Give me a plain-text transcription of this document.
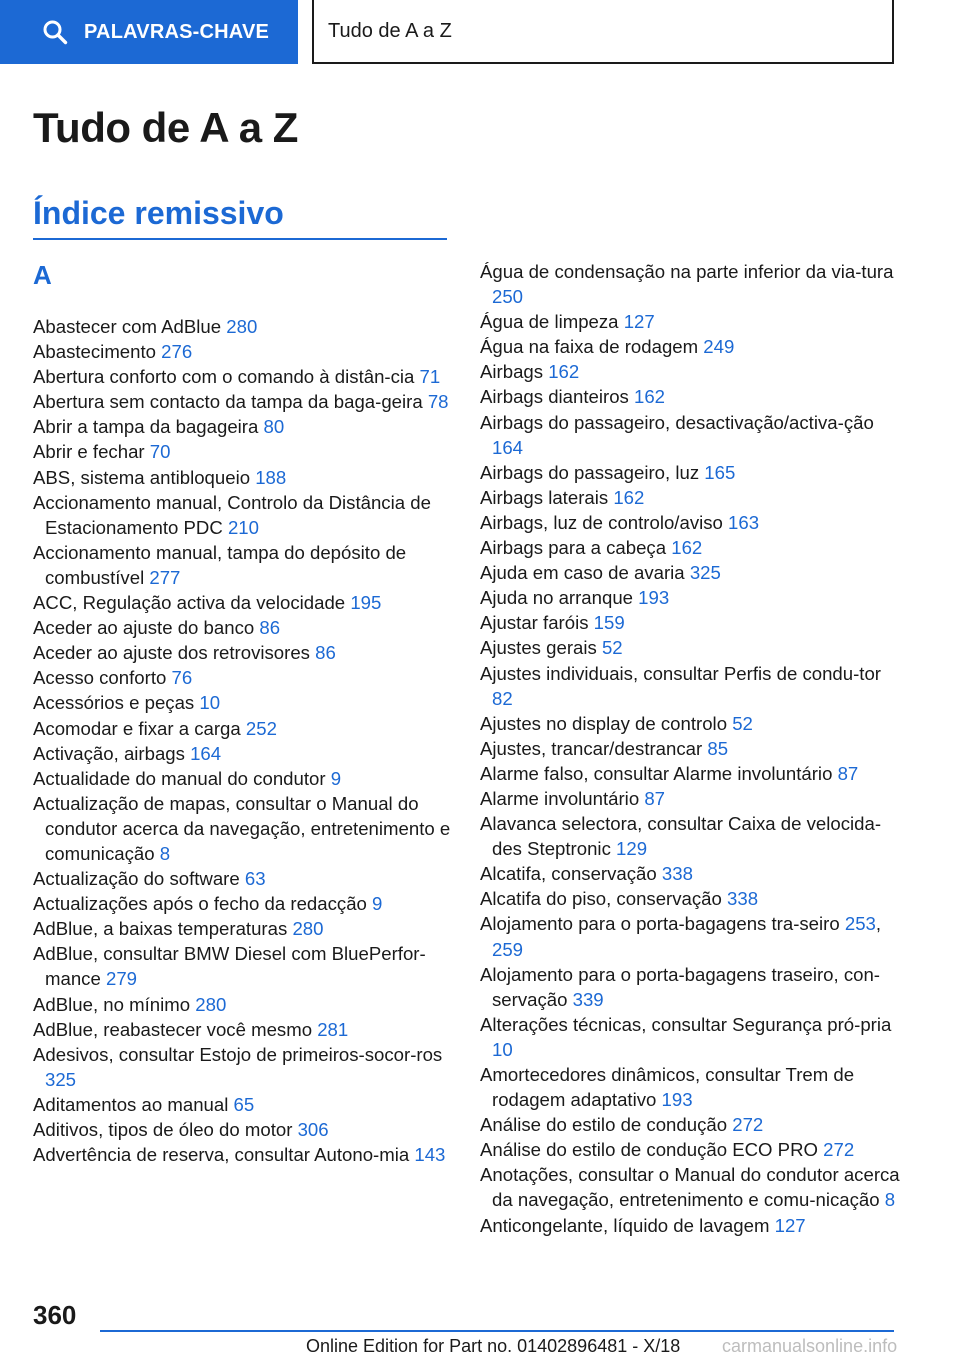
PALAVRAS-CHAVE	Tudo de A a Z
Tudo de A a Z
Índice remissivo
A
Abastecer com AdBlue 280
Abastecimento 276
Abertura conforto com o comando à distân‐cia 71
Abertura sem contacto da tampa da baga‐geira 78
Abrir a tampa da bagageira 80
Abrir e fechar 70
ABS, sistema antibloqueio 188
Accionamento manual, Controlo da Distância de Estacionamento PDC 210
Accionamento manual, tampa do depósito de combustível 277
ACC, Regulação activa da velocidade 195
Aceder ao ajuste do banco 86
Aceder ao ajuste dos retrovisores 86
Acesso conforto 76
Acessórios e peças 10
Acomodar e fixar a carga 252
Activação, airbags 164
Actualidade do manual do condutor 9
Actualização de mapas, consultar o Manual do condutor acerca da navegação, entretenimento e comunicação 8
Actualização do software 63
Actualizações após o fecho da redacção 9
AdBlue, a baixas temperaturas 280
AdBlue, consultar BMW Diesel com BluePerfor‐mance 279
AdBlue, no mínimo 280
AdBlue, reabastecer você mesmo 281
Adesivos, consultar Estojo de primeiros-socor‐ros 325
Aditamentos ao manual 65
Aditivos, tipos de óleo do motor 306
Advertência de reserva, consultar Autono‐mia 143
Água de condensação na parte inferior da via‐tura 250
Água de limpeza 127
Água na faixa de rodagem 249
Airbags 162
Airbags dianteiros 162
Airbags do passageiro, desactivação/activa‐ção 164
Airbags do passageiro, luz 165
Airbags laterais 162
Airbags, luz de controlo/aviso 163
Airbags para a cabeça 162
Ajuda em caso de avaria 325
Ajuda no arranque 193
Ajustar faróis 159
Ajustes gerais 52
Ajustes individuais, consultar Perfis de condu‐tor 82
Ajustes no display de controlo 52
Ajustes, trancar/destrancar 85
Alarme falso, consultar Alarme involuntário 87
Alarme involuntário 87
Alavanca selectora, consultar Caixa de velocida‐des Steptronic 129
Alcatifa, conservação 338
Alcatifa do piso, conservação 338
Alojamento para o porta-bagagens tra‐seiro 253, 259
Alojamento para o porta-bagagens traseiro, con‐servação 339
Alterações técnicas, consultar Segurança pró‐pria 10
Amortecedores dinâmicos, consultar Trem de rodagem adaptativo 193
Análise do estilo de condução 272
Análise do estilo de condução ECO PRO 272
Anotações, consultar o Manual do condutor acerca da navegação, entretenimento e comu‐nicação 8
Anticongelante, líquido de lavagem 127
360
Online Edition for Part no. 01402896481 - X/18 carmanualsonline.info
